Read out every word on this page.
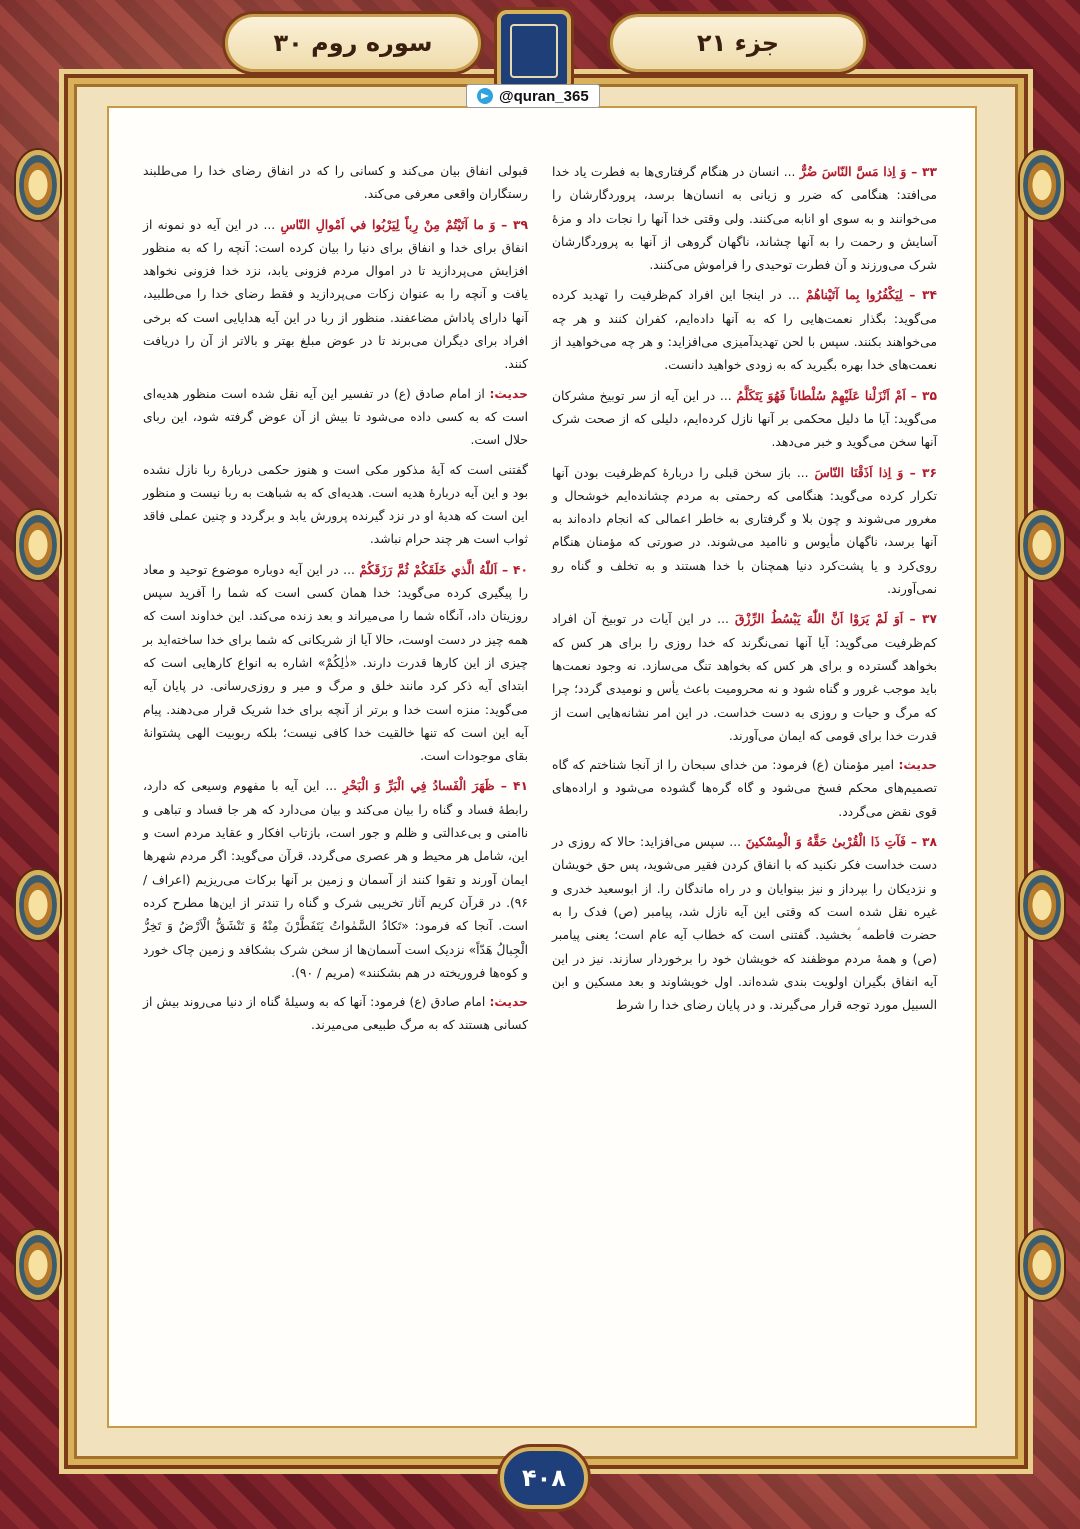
جزء ۲۱
سوره روم ۳۰
@quran_365

۳۳ – وَ اِذا مَسَّ النّاسَ ضُرٌّ ... انسان در هنگام گرفتاری‌ها به فطرت یاد خدا می‌افتد: هنگامی که ضرر و زیانی به انسان‌ها برسد، پروردگارشان را می‌خوانند و به سوی او انابه می‌کنند. ولی وقتی خدا آنها را نجات داد و مزهٔ آسایش و رحمت را به آنها چشاند، ناگهان گروهی از آنها به پروردگارشان شرک می‌ورزند و آن فطرت توحیدی را فراموش می‌کنند.

۳۴ – لِيَكْفُرُوا بِما آتَيْناهُمْ ... در اینجا این افراد کم‌ظرفیت را تهدید کرده می‌گوید: بگذار نعمت‌هایی را که به آنها داده‌ایم، کفران کنند و هر چه می‌خواهند بکنند. سپس با لحن تهدیدآمیزی می‌افزاید: و هر چه می‌خواهید از نعمت‌های خدا بهره بگیرید که به زودی خواهید دانست.

۳۵ – اَمْ اَنْزَلْنا عَلَيْهِمْ سُلْطاناً فَهُوَ يَتَكَلَّمُ ... در این آیه از سر توبیخ مشرکان می‌گوید: آیا ما دلیل محکمی بر آنها نازل کرده‌ایم، دلیلی که از صحت شرک آنها سخن می‌گوید و خبر می‌دهد.

۳۶ – وَ اِذا اَذَقْنَا النّاسَ ... باز سخن قبلی را دربارهٔ کم‌ظرفیت بودن آنها تکرار کرده می‌گوید: هنگامی که رحمتی به مردم چشانده‌ایم خوشحال و مغرور می‌شوند و چون بلا و گرفتاری به خاطر اعمالی که انجام داده‌اند به آنها برسد، ناگهان مأیوس و ناامید می‌شوند. در صورتی که مؤمنان هنگام روی‌کرد و یا پشت‌کرد دنیا همچنان با خدا هستند و به تخلف و گناه رو نمی‌آورند.

۳۷ – اَوَ لَمْ يَرَوْا اَنَّ اللّٰهَ يَبْسُطُ الرِّزْقَ ... در این آیات در توبیخ آن افراد کم‌ظرفیت می‌گوید: آیا آنها نمی‌نگرند که خدا روزی را برای هر کس که بخواهد گسترده و برای هر کس که بخواهد تنگ می‌سازد. نه وجود نعمت‌ها باید موجب غرور و گناه شود و نه محرومیت باعث یأس و نومیدی گردد؛ چرا که مرگ و حیات و روزی به دست خداست. در این امر نشانه‌هایی است از قدرت خدا برای قومی که ایمان می‌آورند.

حدیث: امیر مؤمنان (ع) فرمود: من خدای سبحان را از آنجا شناختم که گاه تصمیم‌های محکم فسخ می‌شود و گاه گره‌ها گشوده می‌شود و اراده‌های قوی نقض می‌گردد.

۳۸ – فَآتِ ذَا الْقُرْبىٰ حَقَّهُ وَ الْمِسْكينَ ... سپس می‌افزاید: حالا که روزی در دست خداست فکر نکنید که با انفاق کردن فقیر می‌شوید، پس حق خویشان و نزدیکان را بپرداز و نیز بینوایان و در راه ماندگان را. از ابوسعید خدری و غیره نقل شده است که وقتی این آیه نازل شد، پیامبر (ص) فدک را به حضرت فاطمه ؑ بخشید. گفتنی است که خطاب آیه عام است؛ یعنی پیامبر (ص) و همهٔ مردم موظفند که خویشان خود را برخوردار سازند. نیز در این آیه انفاق بگیران اولویت بندی شده‌اند. اول خویشاوند و بعد مسکین و ابن السبیل مورد توجه قرار می‌گیرند. و در پایان رضای خدا را شرط

قبولی انفاق بیان می‌کند و کسانی را که در انفاق رضای خدا را می‌طلبند رستگاران واقعی معرفی می‌کند.

۳۹ – وَ ما آتَيْتُمْ مِنْ رِباً لِيَرْبُوا في اَمْوالِ النّاسِ ... در این آیه دو نمونه از انفاق برای خدا و انفاق برای دنیا را بیان کرده است: آنچه را که به منظور افزایش می‌پردازید تا در اموال مردم فزونی یابد، نزد خدا فزونی نخواهد یافت و آنچه را به عنوان زکات می‌پردازید و فقط رضای خدا را می‌طلبید، آنها دارای پاداش مضاعفند. منظور از ربا در این آیه هدایایی است که برخی افراد برای دیگران می‌برند تا در عوض مبلغ بهتر و بالاتر از آن را دریافت کنند.

حدیث: از امام صادق (ع) در تفسیر این آیه نقل شده است منظور هدیه‌ای است که به کسی داده می‌شود تا بیش از آن عوض گرفته شود، این ربای حلال است.

گفتنی است که آیهٔ مذکور مکی است و هنوز حکمی دربارهٔ ربا نازل نشده بود و این آیه دربارهٔ هدیه است. هدیه‌ای که به شباهت به ربا نیست و منظور این است که هدیهٔ او در نزد گیرنده پرورش یابد و برگردد و چنین عملی فاقد ثواب است هر چند حرام نباشد.

۴۰ – اَللّٰهُ الَّذي خَلَقَكُمْ ثُمَّ رَزَقَكُمْ ... در این آیه دوباره موضوع توحید و معاد را پیگیری کرده می‌گوید: خدا همان کسی است که شما را آفرید سپس روزیتان داد، آنگاه شما را می‌میراند و بعد زنده می‌کند. این خداوند است که همه چیز در دست اوست، حالا آیا از شریکانی که شما برای خدا ساخته‌اید بر چیزی از این کارها قدرت دارند. «ذٰلِكُمْ» اشاره به انواع کارهایی است که ابتدای آیه ذکر کرد مانند خلق و مرگ و میر و روزی‌رسانی. در پایان آیه می‌گوید: منزه است خدا و برتر از آنچه برای خدا شریک قرار می‌دهند. پیام آیه این است که تنها خالقیت خدا کافی نیست؛ بلکه ربوبیت الهی پشتوانهٔ بقای موجودات است.

۴۱ – ظَهَرَ الْفَسادُ فِي الْبَرِّ وَ الْبَحْرِ ... این آیه با مفهوم وسیعی که دارد، رابطهٔ فساد و گناه را بیان می‌کند و بیان می‌دارد که هر جا فساد و تباهی و ناامنی و بی‌عدالتی و ظلم و جور است، بازتاب افکار و عقاید مردم است و این، شامل هر محیط و هر عصری می‌گردد. قرآن می‌گوید: اگر مردم شهرها ایمان آورند و تقوا کنند از آسمان و زمین بر آنها برکات می‌ریزیم (اعراف / ۹۶). در قرآن کریم آثار تخریبی شرک و گناه را تندتر از این‌ها مطرح کرده است. آنجا که فرمود: «تَكادُ السَّمٰواتُ يَتَفَطَّرْنَ مِنْهُ وَ تَنْشَقُّ الْاَرْضُ وَ تَخِرُّ الْجِبالُ هَدّاً» نزدیک است آسمان‌ها از سخن شرک بشکافد و زمین چاک خورد و کوه‌ها فروریخته در هم بشکنند» (مریم / ۹۰).

حدیث: امام صادق (ع) فرمود: آنها که به وسیلهٔ گناه از دنیا می‌روند بیش از کسانی هستند که به مرگ طبیعی می‌میرند.

۴۰۸
